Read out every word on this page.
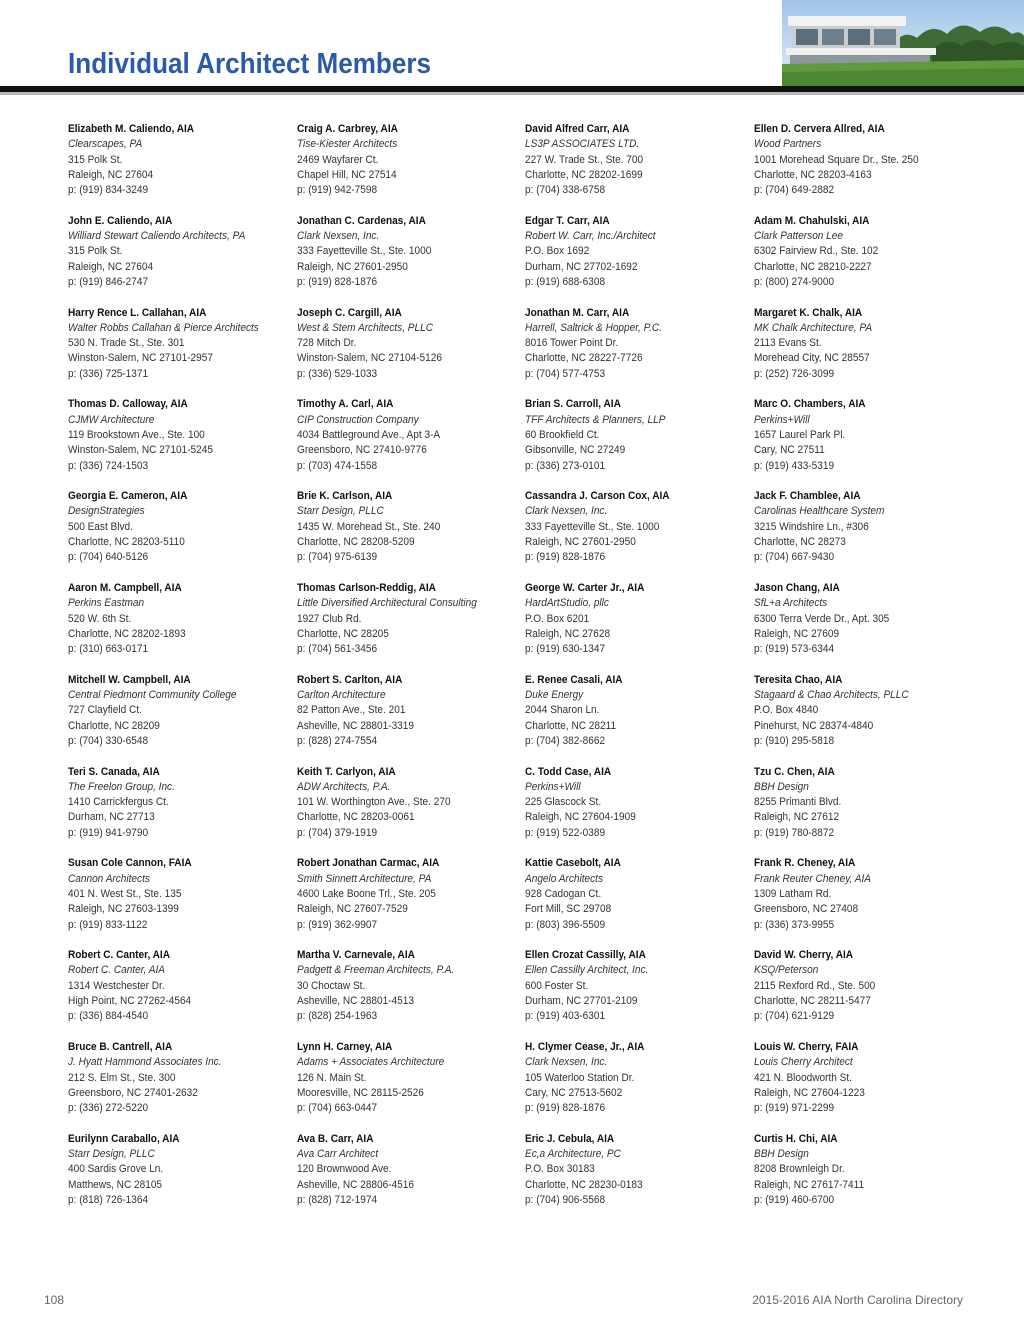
Individual Architect Members
Elizabeth M. Caliendo, AIA
Clearscapes, PA
315 Polk St.
Raleigh, NC 27604
p: (919) 834-3249
Craig A. Carbrey, AIA
Tise-Kiester Architects
2469 Wayfarer Ct.
Chapel Hill, NC 27514
p: (919) 942-7598
David Alfred Carr, AIA
LS3P ASSOCIATES LTD.
227 W. Trade St., Ste. 700
Charlotte, NC 28202-1699
p: (704) 338-6758
Ellen D. Cervera Allred, AIA
Wood Partners
1001 Morehead Square Dr., Ste. 250
Charlotte, NC 28203-4163
p: (704) 649-2882
John E. Caliendo, AIA
Williard Stewart Caliendo Architects, PA
315 Polk St.
Raleigh, NC 27604
p: (919) 846-2747
Jonathan C. Cardenas, AIA
Clark Nexsen, Inc.
333 Fayetteville St., Ste. 1000
Raleigh, NC 27601-2950
p: (919) 828-1876
Edgar T. Carr, AIA
Robert W. Carr, Inc./Architect
P.O. Box 1692
Durham, NC 27702-1692
p: (919) 688-6308
Adam M. Chahulski, AIA
Clark Patterson Lee
6302 Fairview Rd., Ste. 102
Charlotte, NC 28210-2227
p: (800) 274-9000
Harry Rence L. Callahan, AIA
Walter Robbs Callahan & Pierce Architects
530 N. Trade St., Ste. 301
Winston-Salem, NC 27101-2957
p: (336) 725-1371
Joseph C. Cargill, AIA
West & Stem Architects, PLLC
728 Mitch Dr.
Winston-Salem, NC 27104-5126
p: (336) 529-1033
Jonathan M. Carr, AIA
Harrell, Saltrick & Hopper, P.C.
8016 Tower Point Dr.
Charlotte, NC 28227-7726
p: (704) 577-4753
Margaret K. Chalk, AIA
MK Chalk Architecture, PA
2113 Evans St.
Morehead City, NC 28557
p: (252) 726-3099
Thomas D. Calloway, AIA
CJMW Architecture
119 Brookstown Ave., Ste. 100
Winston-Salem, NC 27101-5245
p: (336) 724-1503
Timothy A. Carl, AIA
CIP Construction Company
4034 Battleground Ave., Apt 3-A
Greensboro, NC 27410-9776
p: (703) 474-1558
Brian S. Carroll, AIA
TFF Architects & Planners, LLP
60 Brookfield Ct.
Gibsonville, NC 27249
p: (336) 273-0101
Marc O. Chambers, AIA
Perkins+Will
1657 Laurel Park Pl.
Cary, NC 27511
p: (919) 433-5319
Georgia E. Cameron, AIA
DesignStrategies
500 East Blvd.
Charlotte, NC 28203-5110
p: (704) 640-5126
Brie K. Carlson, AIA
Starr Design, PLLC
1435 W. Morehead St., Ste. 240
Charlotte, NC 28208-5209
p: (704) 975-6139
Cassandra J. Carson Cox, AIA
Clark Nexsen, Inc.
333 Fayetteville St., Ste. 1000
Raleigh, NC 27601-2950
p: (919) 828-1876
Jack F. Chamblee, AIA
Carolinas Healthcare System
3215 Windshire Ln., #306
Charlotte, NC 28273
p: (704) 667-9430
Aaron M. Campbell, AIA
Perkins Eastman
520 W. 6th St.
Charlotte, NC 28202-1893
p: (310) 663-0171
Thomas Carlson-Reddig, AIA
Little Diversified Architectural Consulting
1927 Club Rd.
Charlotte, NC 28205
p: (704) 561-3456
George W. Carter Jr., AIA
HardArtStudio, pllc
P.O. Box 6201
Raleigh, NC 27628
p: (919) 630-1347
Jason Chang, AIA
SfL+a Architects
6300 Terra Verde Dr., Apt. 305
Raleigh, NC 27609
p: (919) 573-6344
Mitchell W. Campbell, AIA
Central Piedmont Community College
727 Clayfield Ct.
Charlotte, NC 28209
p: (704) 330-6548
Robert S. Carlton, AIA
Carlton Architecture
82 Patton Ave., Ste. 201
Asheville, NC 28801-3319
p: (828) 274-7554
E. Renee Casali, AIA
Duke Energy
2044 Sharon Ln.
Charlotte, NC 28211
p: (704) 382-8662
Teresita Chao, AIA
Stagaard & Chao Architects, PLLC
P.O. Box 4840
Pinehurst, NC 28374-4840
p: (910) 295-5818
Teri S. Canada, AIA
The Freelon Group, Inc.
1410 Carrickfergus Ct.
Durham, NC 27713
p: (919) 941-9790
Keith T. Carlyon, AIA
ADW Architects, P.A.
101 W. Worthington Ave., Ste. 270
Charlotte, NC 28203-0061
p: (704) 379-1919
C. Todd Case, AIA
Perkins+Will
225 Glascock St.
Raleigh, NC 27604-1909
p: (919) 522-0389
Tzu C. Chen, AIA
BBH Design
8255 Primanti Blvd.
Raleigh, NC 27612
p: (919) 780-8872
Susan Cole Cannon, FAIA
Cannon Architects
401 N. West St., Ste. 135
Raleigh, NC 27603-1399
p: (919) 833-1122
Robert Jonathan Carmac, AIA
Smith Sinnett Architecture, PA
4600 Lake Boone Trl., Ste. 205
Raleigh, NC 27607-7529
p: (919) 362-9907
Kattie Casebolt, AIA
Angelo Architects
928 Cadogan Ct.
Fort Mill, SC 29708
p: (803) 396-5509
Frank R. Cheney, AIA
Frank Reuter Cheney, AIA
1309 Latham Rd.
Greensboro, NC 27408
p: (336) 373-9955
Robert C. Canter, AIA
Robert C. Canter, AIA
1314 Westchester Dr.
High Point, NC 27262-4564
p: (336) 884-4540
Martha V. Carnevale, AIA
Padgett & Freeman Architects, P.A.
30 Choctaw St.
Asheville, NC 28801-4513
p: (828) 254-1963
Ellen Crozat Cassilly, AIA
Ellen Cassilly Architect, Inc.
600 Foster St.
Durham, NC 27701-2109
p: (919) 403-6301
David W. Cherry, AIA
KSQ/Peterson
2115 Rexford Rd., Ste. 500
Charlotte, NC 28211-5477
p: (704) 621-9129
Bruce B. Cantrell, AIA
J. Hyatt Hammond Associates Inc.
212 S. Elm St., Ste. 300
Greensboro, NC 27401-2632
p: (336) 272-5220
Lynn H. Carney, AIA
Adams + Associates Architecture
126 N. Main St.
Mooresville, NC 28115-2526
p: (704) 663-0447
H. Clymer Cease, Jr., AIA
Clark Nexsen, Inc.
105 Waterloo Station Dr.
Cary, NC 27513-5602
p: (919) 828-1876
Louis W. Cherry, FAIA
Louis Cherry Architect
421 N. Bloodworth St.
Raleigh, NC 27604-1223
p: (919) 971-2299
Eurilynn Caraballo, AIA
Starr Design, PLLC
400 Sardis Grove Ln.
Matthews, NC 28105
p: (818) 726-1364
Ava B. Carr, AIA
Ava Carr Architect
120 Brownwood Ave.
Asheville, NC 28806-4516
p: (828) 712-1974
Eric J. Cebula, AIA
Ec,a Architecture, PC
P.O. Box 30183
Charlotte, NC 28230-0183
p: (704) 906-5568
Curtis H. Chi, AIA
BBH Design
8208 Brownleigh Dr.
Raleigh, NC 27617-7411
p: (919) 460-6700
108	2015-2016 AIA North Carolina Directory
